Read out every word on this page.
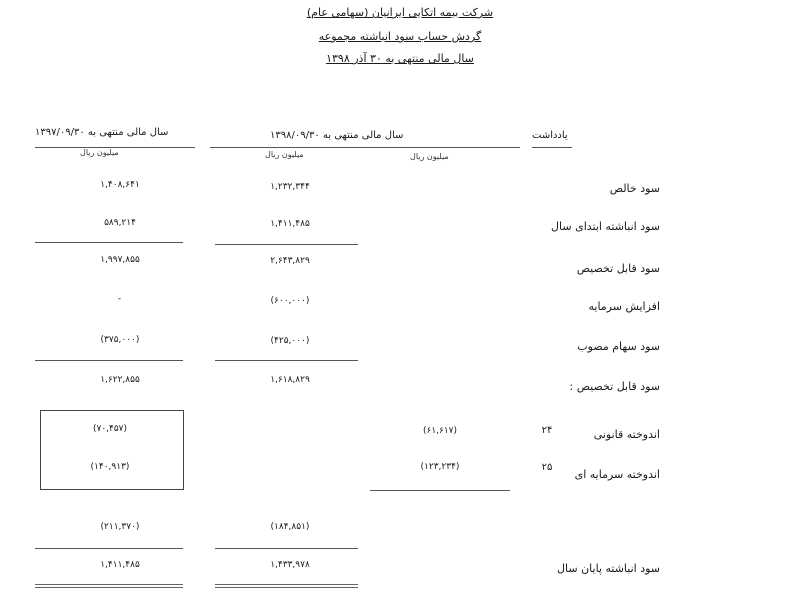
شرکت بیمه اتکایی ایرانیان (سهامی عام)
گردش حساب سود انباشته مجموعه
سال مالی منتهی به ۳۰ آذر ۱۳۹۸
یادداشت
سال مالی منتهی به ۱۳۹۸/۰۹/۳۰
سال مالی منتهی به ۱۳۹۷/۰۹/۳۰
میلیون ریال
میلیون ریال
میلیون ریال
سود خالص
۱,۲۳۲,۳۴۴
۱,۴۰۸,۶۴۱
سود انباشته ابتدای سال
۱,۴۱۱,۴۸۵
۵۸۹,۲۱۴
سود قابل تخصیص
۲,۶۴۳,۸۲۹
۱,۹۹۷,۸۵۵
افزایش سرمایه
(۶۰۰,۰۰۰)
-
سود سهام مصوب
(۴۲۵,۰۰۰)
(۳۷۵,۰۰۰)
سود قابل تخصیص :
۱,۶۱۸,۸۲۹
۱,۶۲۲,۸۵۵
اندوخته قانونی
۲۴
(۶۱,۶۱۷)
(۷۰,۴۵۷)
اندوخته سرمایه ای
۲۵
(۱۲۳,۲۳۴)
(۱۴۰,۹۱۳)
(۱۸۴,۸۵۱)
(۲۱۱,۳۷۰)
سود انباشته پایان سال
۱,۴۳۳,۹۷۸
۱,۴۱۱,۴۸۵
